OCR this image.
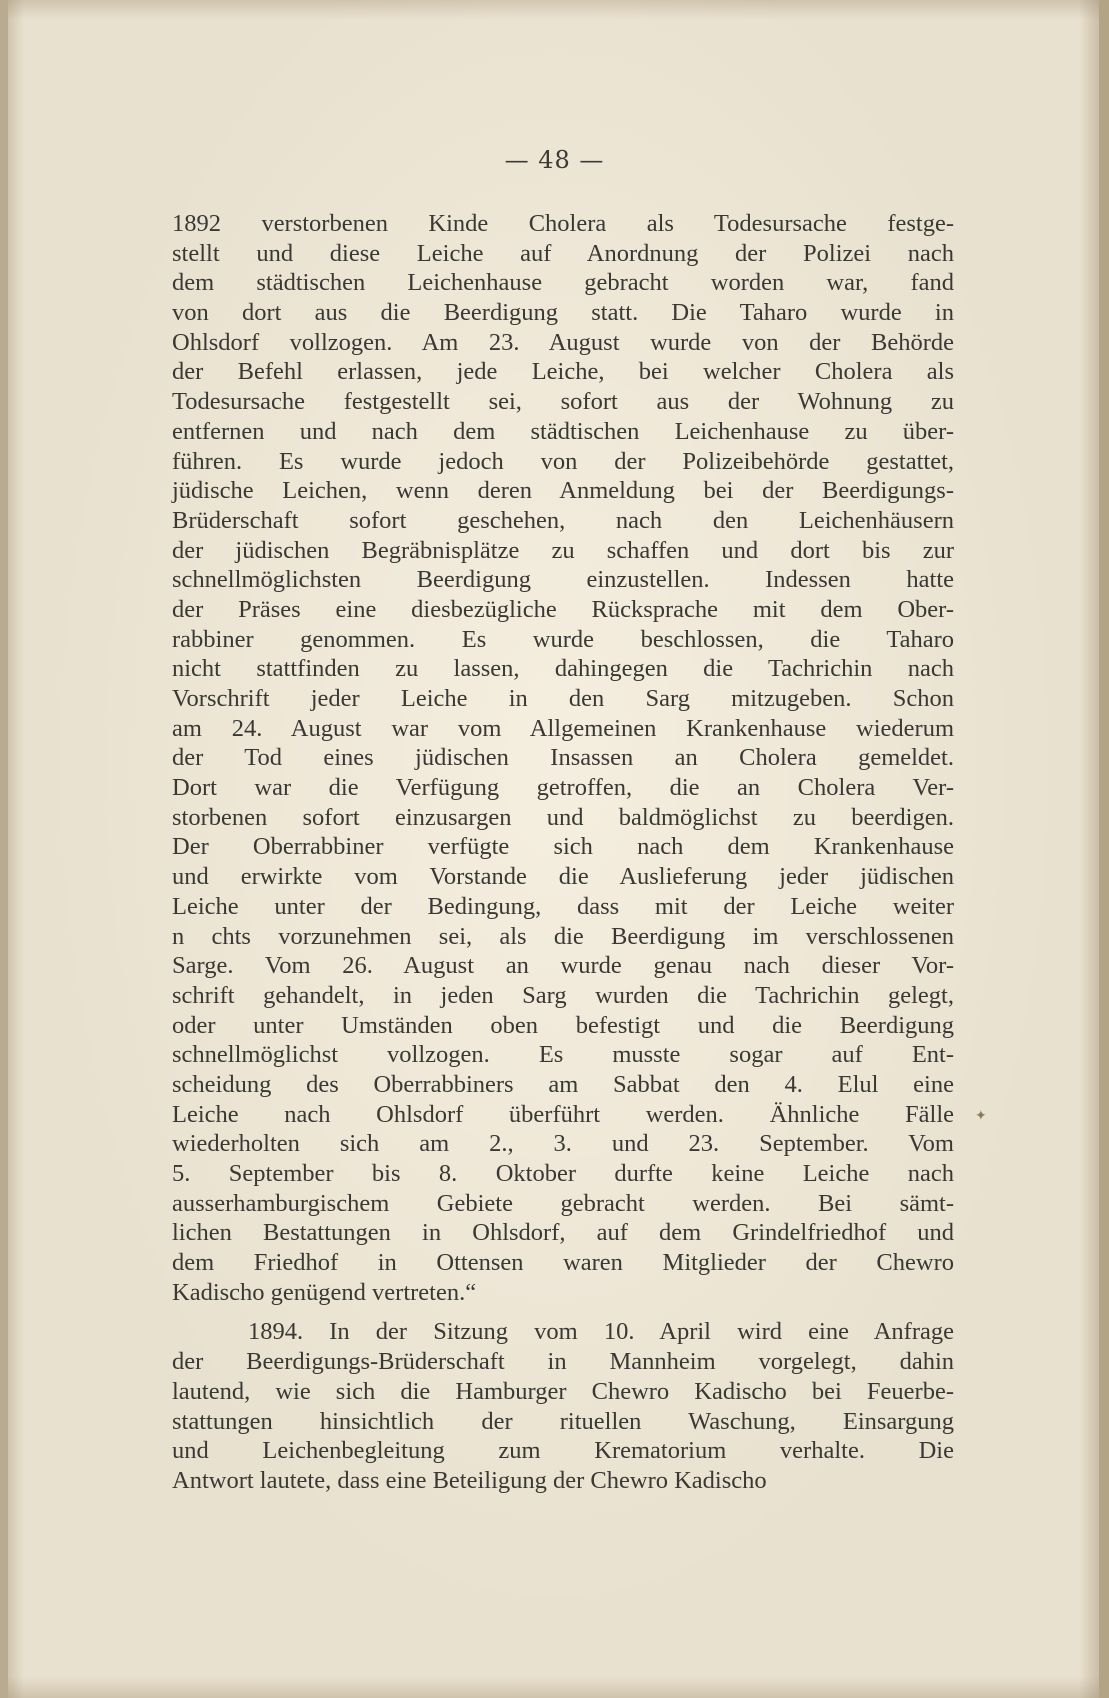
— 48 —
1892 verstorbenen Kinde Cholera als Todesursache festge-
stellt und diese Leiche auf Anordnung der Polizei nach
dem städtischen Leichenhause gebracht worden war, fand
von dort aus die Beerdigung statt. Die Taharo wurde in
Ohlsdorf vollzogen. Am 23. August wurde von der Behörde
der Befehl erlassen, jede Leiche, bei welcher Cholera als
Todesursache festgestellt sei, sofort aus der Wohnung zu
entfernen und nach dem städtischen Leichenhause zu über-
führen. Es wurde jedoch von der Polizeibehörde gestattet,
jüdische Leichen, wenn deren Anmeldung bei der Beerdigungs-
Brüderschaft sofort geschehen, nach den Leichenhäusern
der jüdischen Begräbnisplätze zu schaffen und dort bis zur
schnellmöglichsten Beerdigung einzustellen. Indessen hatte
der Präses eine diesbezügliche Rücksprache mit dem Ober-
rabbiner genommen. Es wurde beschlossen, die Taharo
nicht stattfinden zu lassen, dahingegen die Tachrichin nach
Vorschrift jeder Leiche in den Sarg mitzugeben. Schon
am 24. August war vom Allgemeinen Krankenhause wiederum
der Tod eines jüdischen Insassen an Cholera gemeldet.
Dort war die Verfügung getroffen, die an Cholera Ver-
storbenen sofort einzusargen und baldmöglichst zu beerdigen.
Der Oberrabbiner verfügte sich nach dem Krankenhause
und erwirkte vom Vorstande die Auslieferung jeder jüdischen
Leiche unter der Bedingung, dass mit der Leiche weiter
n chts vorzunehmen sei, als die Beerdigung im verschlossenen
Sarge. Vom 26. August an wurde genau nach dieser Vor-
schrift gehandelt, in jeden Sarg wurden die Tachrichin gelegt,
oder unter Umständen oben befestigt und die Beerdigung
schnellmöglichst vollzogen. Es musste sogar auf Ent-
scheidung des Oberrabbiners am Sabbat den 4. Elul eine
Leiche nach Ohlsdorf überführt werden. Ähnliche Fälle
wiederholten sich am 2., 3. und 23. September. Vom
5. September bis 8. Oktober durfte keine Leiche nach
ausserhamburgischem Gebiete gebracht werden. Bei sämt-
lichen Bestattungen in Ohlsdorf, auf dem Grindelfriedhof und
dem Friedhof in Ottensen waren Mitglieder der Chewro
Kadischo genügend vertreten.“
1894. In der Sitzung vom 10. April wird eine Anfrage
der Beerdigungs-Brüderschaft in Mannheim vorgelegt, dahin
lautend, wie sich die Hamburger Chewro Kadischo bei Feuerbe-
stattungen hinsichtlich der rituellen Waschung, Einsargung
und Leichenbegleitung zum Krematorium verhalte. Die
Antwort lautete, dass eine Beteiligung der Chewro Kadischo
✦
